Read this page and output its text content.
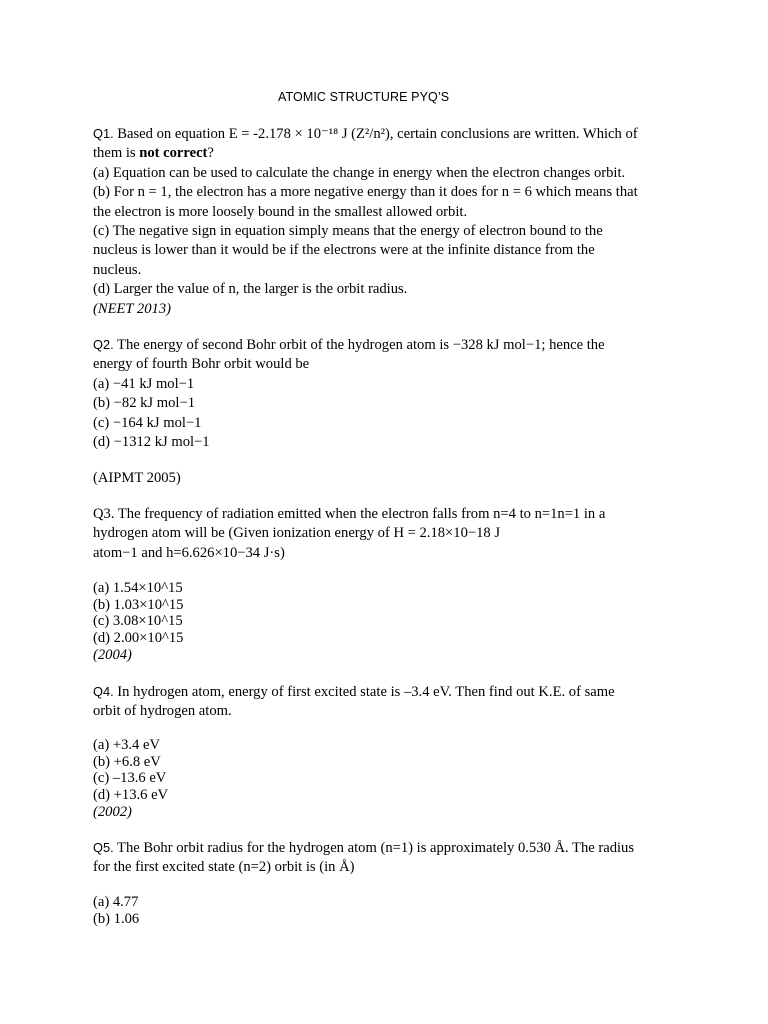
ATOMIC STRUCTURE PYQ’S
Q1. Based on equation E = -2.178 × 10⁻¹⁸ J (Z²/n²), certain conclusions are written. Which of
them is not correct?
(a) Equation can be used to calculate the change in energy when the electron changes orbit.
(b) For n = 1, the electron has a more negative energy than it does for n = 6 which means that
the electron is more loosely bound in the smallest allowed orbit.
(c) The negative sign in equation simply means that the energy of electron bound to the
nucleus is lower than it would be if the electrons were at the infinite distance from the
nucleus.
(d) Larger the value of n, the larger is the orbit radius.
(NEET 2013)
Q2. The energy of second Bohr orbit of the hydrogen atom is −328 kJ mol−1; hence the
energy of fourth Bohr orbit would be
(a) −41 kJ mol−1
(b) −82 kJ mol−1
(c) −164 kJ mol−1
(d) −1312 kJ mol−1
(AIPMT 2005)
Q3. The frequency of radiation emitted when the electron falls from n=4 to n=1n=1 in a
hydrogen atom will be (Given ionization energy of H = 2.18×10−18 J
atom−1 and h=6.626×10−34 J·s)
(a) 1.54×10^15
(b) 1.03×10^15
(c) 3.08×10^15
(d) 2.00×10^15
(2004)
Q4. In hydrogen atom, energy of first excited state is –3.4 eV. Then find out K.E. of same
orbit of hydrogen atom.
(a) +3.4 eV
(b) +6.8 eV
(c) –13.6 eV
(d) +13.6 eV
(2002)
Q5. The Bohr orbit radius for the hydrogen atom (n=1) is approximately 0.530 Å. The radius
for the first excited state (n=2) orbit is (in Å)
(a) 4.77
(b) 1.06
